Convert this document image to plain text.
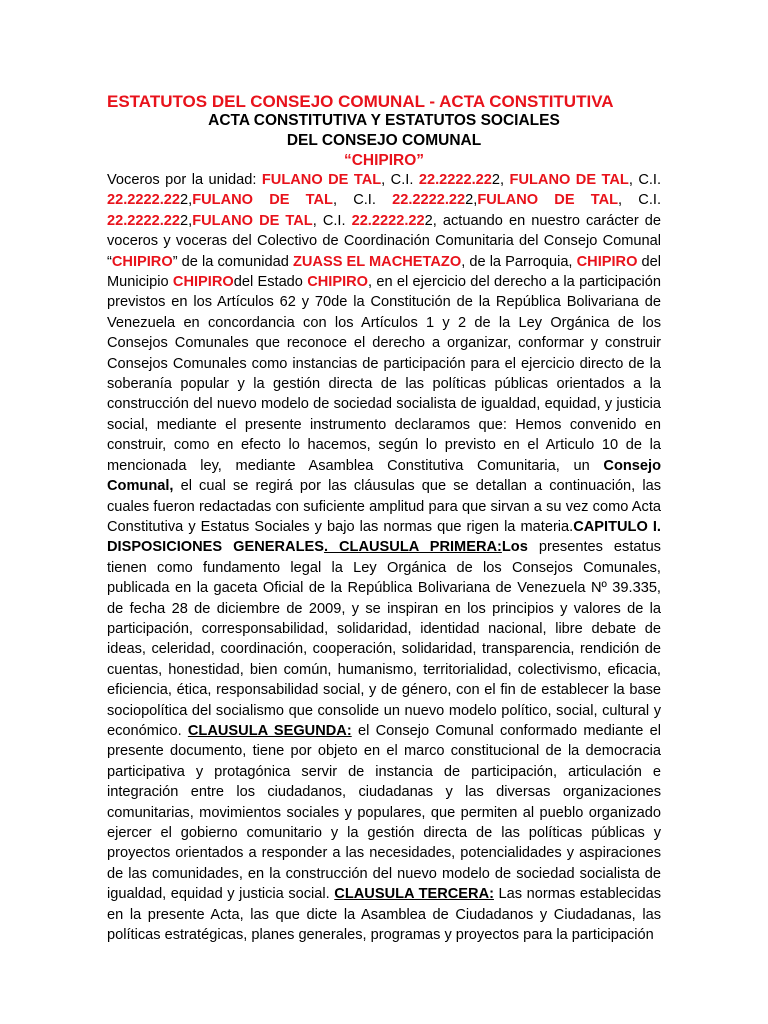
ESTATUTOS DEL CONSEJO COMUNAL - ACTA CONSTITUTIVA
ACTA CONSTITUTIVA Y ESTATUTOS SOCIALES
DEL CONSEJO COMUNAL
“CHIPIRO”
Voceros por la unidad: FULANO DE TAL, C.I. 22.2222.222, FULANO DE TAL, C.I. 22.2222.222,FULANO DE TAL, C.I. 22.2222.222,FULANO DE TAL, C.I. 22.2222.222,FULANO DE TAL, C.I. 22.2222.222, actuando en nuestro carácter de voceros y voceras del Colectivo de Coordinación Comunitaria del Consejo Comunal “CHIPIRO” de la comunidad ZUASS EL MACHETAZO, de la Parroquia, CHIPIRO del Municipio CHIPIROdel Estado CHIPIRO, en el ejercicio del derecho a la participación previstos en los Artículos 62 y 70de la Constitución de la República Bolivariana de Venezuela en concordancia con los Artículos 1 y 2 de la Ley Orgánica de los Consejos Comunales que reconoce el derecho a organizar, conformar y construir Consejos Comunales como instancias de participación para el ejercicio directo de la soberanía popular y la gestión directa de las políticas públicas orientados a la construcción del nuevo modelo de sociedad socialista de igualdad, equidad, y justicia social, mediante el presente instrumento declaramos que: Hemos convenido en construir, como en efecto lo hacemos, según lo previsto en el Articulo 10 de la mencionada ley, mediante Asamblea Constitutiva Comunitaria, un Consejo Comunal, el cual se regirá por las cláusulas que se detallan a continuación, las cuales fueron redactadas con suficiente amplitud para que sirvan a su vez como Acta Constitutiva y Estatus Sociales y bajo las normas que rigen la materia.CAPITULO I. DISPOSICIONES GENERALES. CLAUSULA PRIMERA:Los presentes estatus tienen como fundamento legal la Ley Orgánica de los Consejos Comunales, publicada en la gaceta Oficial de la República Bolivariana de Venezuela Nº 39.335, de fecha 28 de diciembre de 2009, y se inspiran en los principios y valores de la participación, corresponsabilidad, solidaridad, identidad nacional, libre debate de ideas, celeridad, coordinación, cooperación, solidaridad, transparencia, rendición de cuentas, honestidad, bien común, humanismo, territorialidad, colectivismo, eficacia, eficiencia, ética, responsabilidad social, y de género, con el fin de establecer la base sociopolítica del socialismo que consolide un nuevo modelo político, social, cultural y económico. CLAUSULA SEGUNDA: el Consejo Comunal conformado mediante el presente documento, tiene por objeto en el marco constitucional de la democracia participativa y protagónica servir de instancia de participación, articulación e integración entre los ciudadanos, ciudadanas y las diversas organizaciones comunitarias, movimientos sociales y populares, que permiten al pueblo organizado ejercer el gobierno comunitario y la gestión directa de las políticas públicas y proyectos orientados a responder a las necesidades, potencialidades y aspiraciones de las comunidades, en la construcción del nuevo modelo de sociedad socialista de igualdad, equidad y justicia social. CLAUSULA TERCERA: Las normas establecidas en la presente Acta, las que dicte la Asamblea de Ciudadanos y Ciudadanas, las políticas estratégicas, planes generales, programas y proyectos para la participación
